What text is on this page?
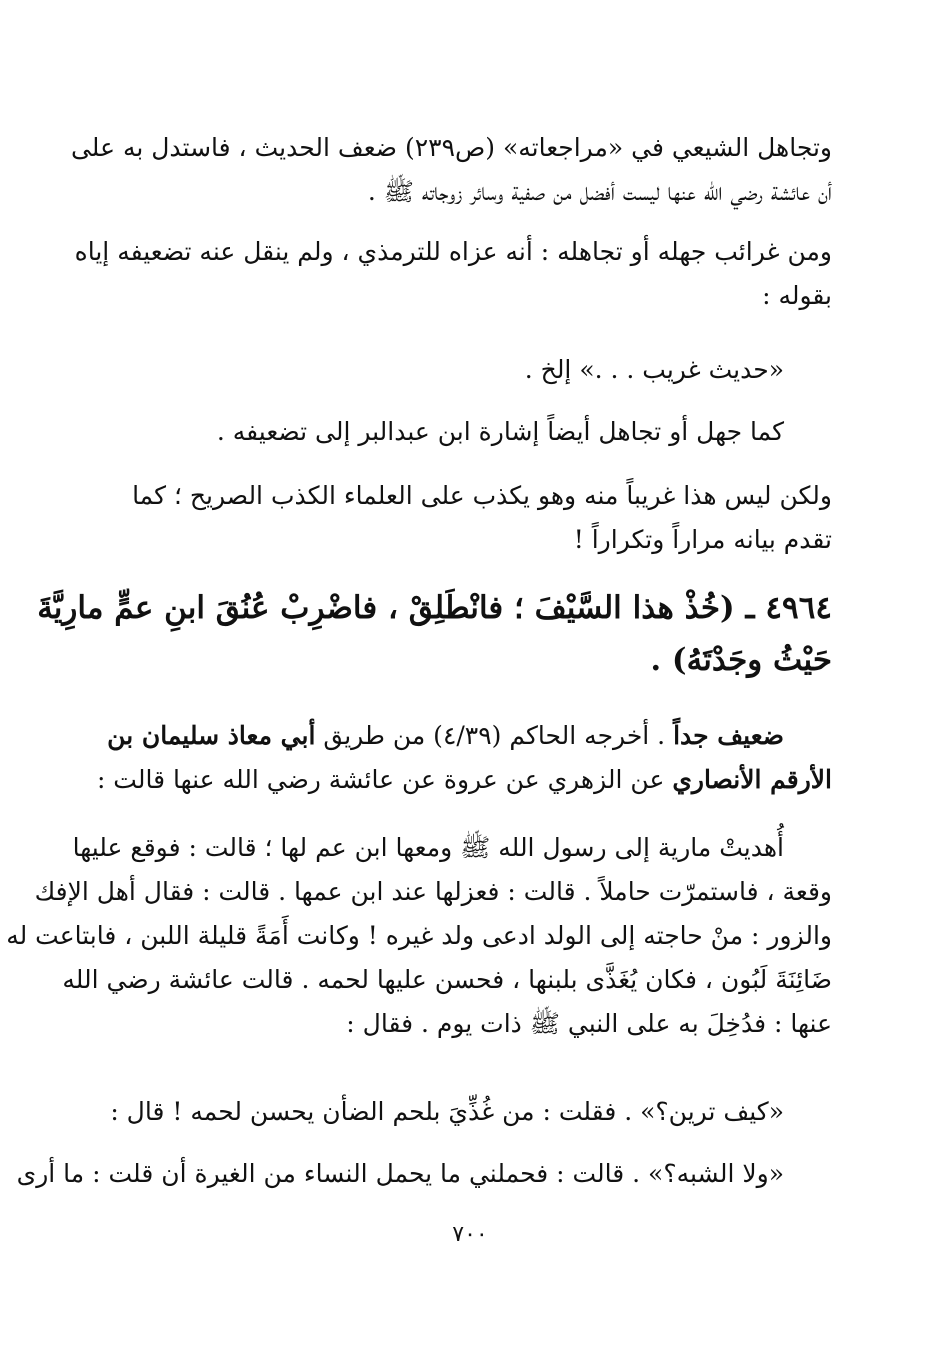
وتجاهل الشيعي في «مراجعاته» (ص٢٣٩) ضعف الحديث ، فاستدل به على
أن عائشة رضي الله عنها ليست أفضل من صفية وسائر زوجاته ﷺ .
ومن غرائب جهله أو تجاهله : أنه عزاه للترمذي ، ولم ينقل عنه تضعيفه إياه
بقوله :
«حديث غريب . . .» إلخ .
كما جهل أو تجاهل أيضاً إشارة ابن عبدالبر إلى تضعيفه .
ولكن ليس هذا غريباً منه وهو يكذب على العلماء الكذب الصريح ؛ كما
تقدم بيانه مراراً وتكراراً !
٤٩٦٤ ـ (خُذْ هذا السَّيْفَ ؛ فانْطَلِقْ ، فاضْرِبْ عُنُقَ ابنِ عمٍّ مارِيَّةَ
حَيْثُ وجَدْتَهُ) .
ضعيف جداً . أخرجه الحاكم (٤/٣٩) من طريق أبي معاذ سليمان بن
الأرقم الأنصاري عن الزهري عن عروة عن عائشة رضي الله عنها قالت :
أُهديتْ مارية إلى رسول الله ﷺ ومعها ابن عم لها ؛ قالت : فوقع عليها
وقعة ، فاستمرّت حاملاً . قالت : فعزلها عند ابن عمها . قالت : فقال أهل الإفك
والزور : منْ حاجته إلى الولد ادعى ولد غيره ! وكانت أَمَةً قليلة اللبن ، فابتاعت له
ضَائِنَةَ لَبُون ، فكان يُغَذَّى بلبنها ، فحسن عليها لحمه . قالت عائشة رضي الله
عنها : فدُخِلَ به على النبي ﷺ ذات يوم . فقال :
«كيف ترين؟» . فقلت : من غُذِّيَ بلحم الضأن يحسن لحمه ! قال :
«ولا الشبه؟» . قالت : فحملني ما يحمل النساء من الغيرة أن قلت : ما أرى
٧٠٠
